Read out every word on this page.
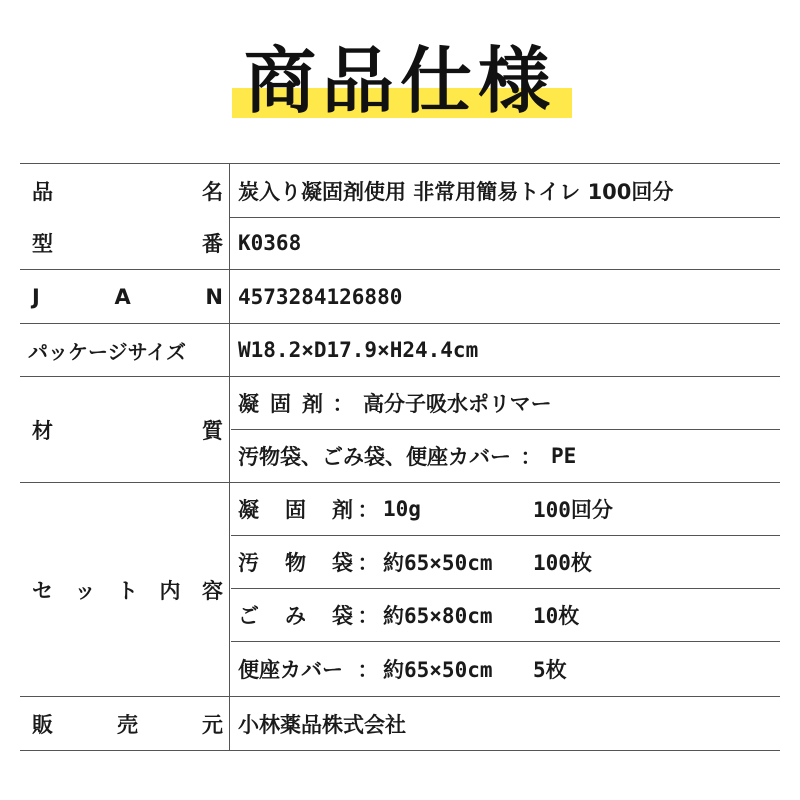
商品仕様
品	名 炭入り凝固剤使用 非常用簡易トイレ 100回分
型	番 K0368
J	A	N 4573284126880
パッケージサイズ	W18.2×D17.9×H24.4cm
材	質
凝 固 剤 ： 高分子吸水ポリマー
汚物袋、ごみ袋、便座カバー ： PE
セ ッ ト 内 容
凝 固 剤 ： 10g	100回分
汚 物 袋 ： 約65×50cm	100枚
ご み 袋 ： 約65×80cm	10枚
便座カバー ： 約65×50cm	5枚
販	売	元 小林薬品株式会社
